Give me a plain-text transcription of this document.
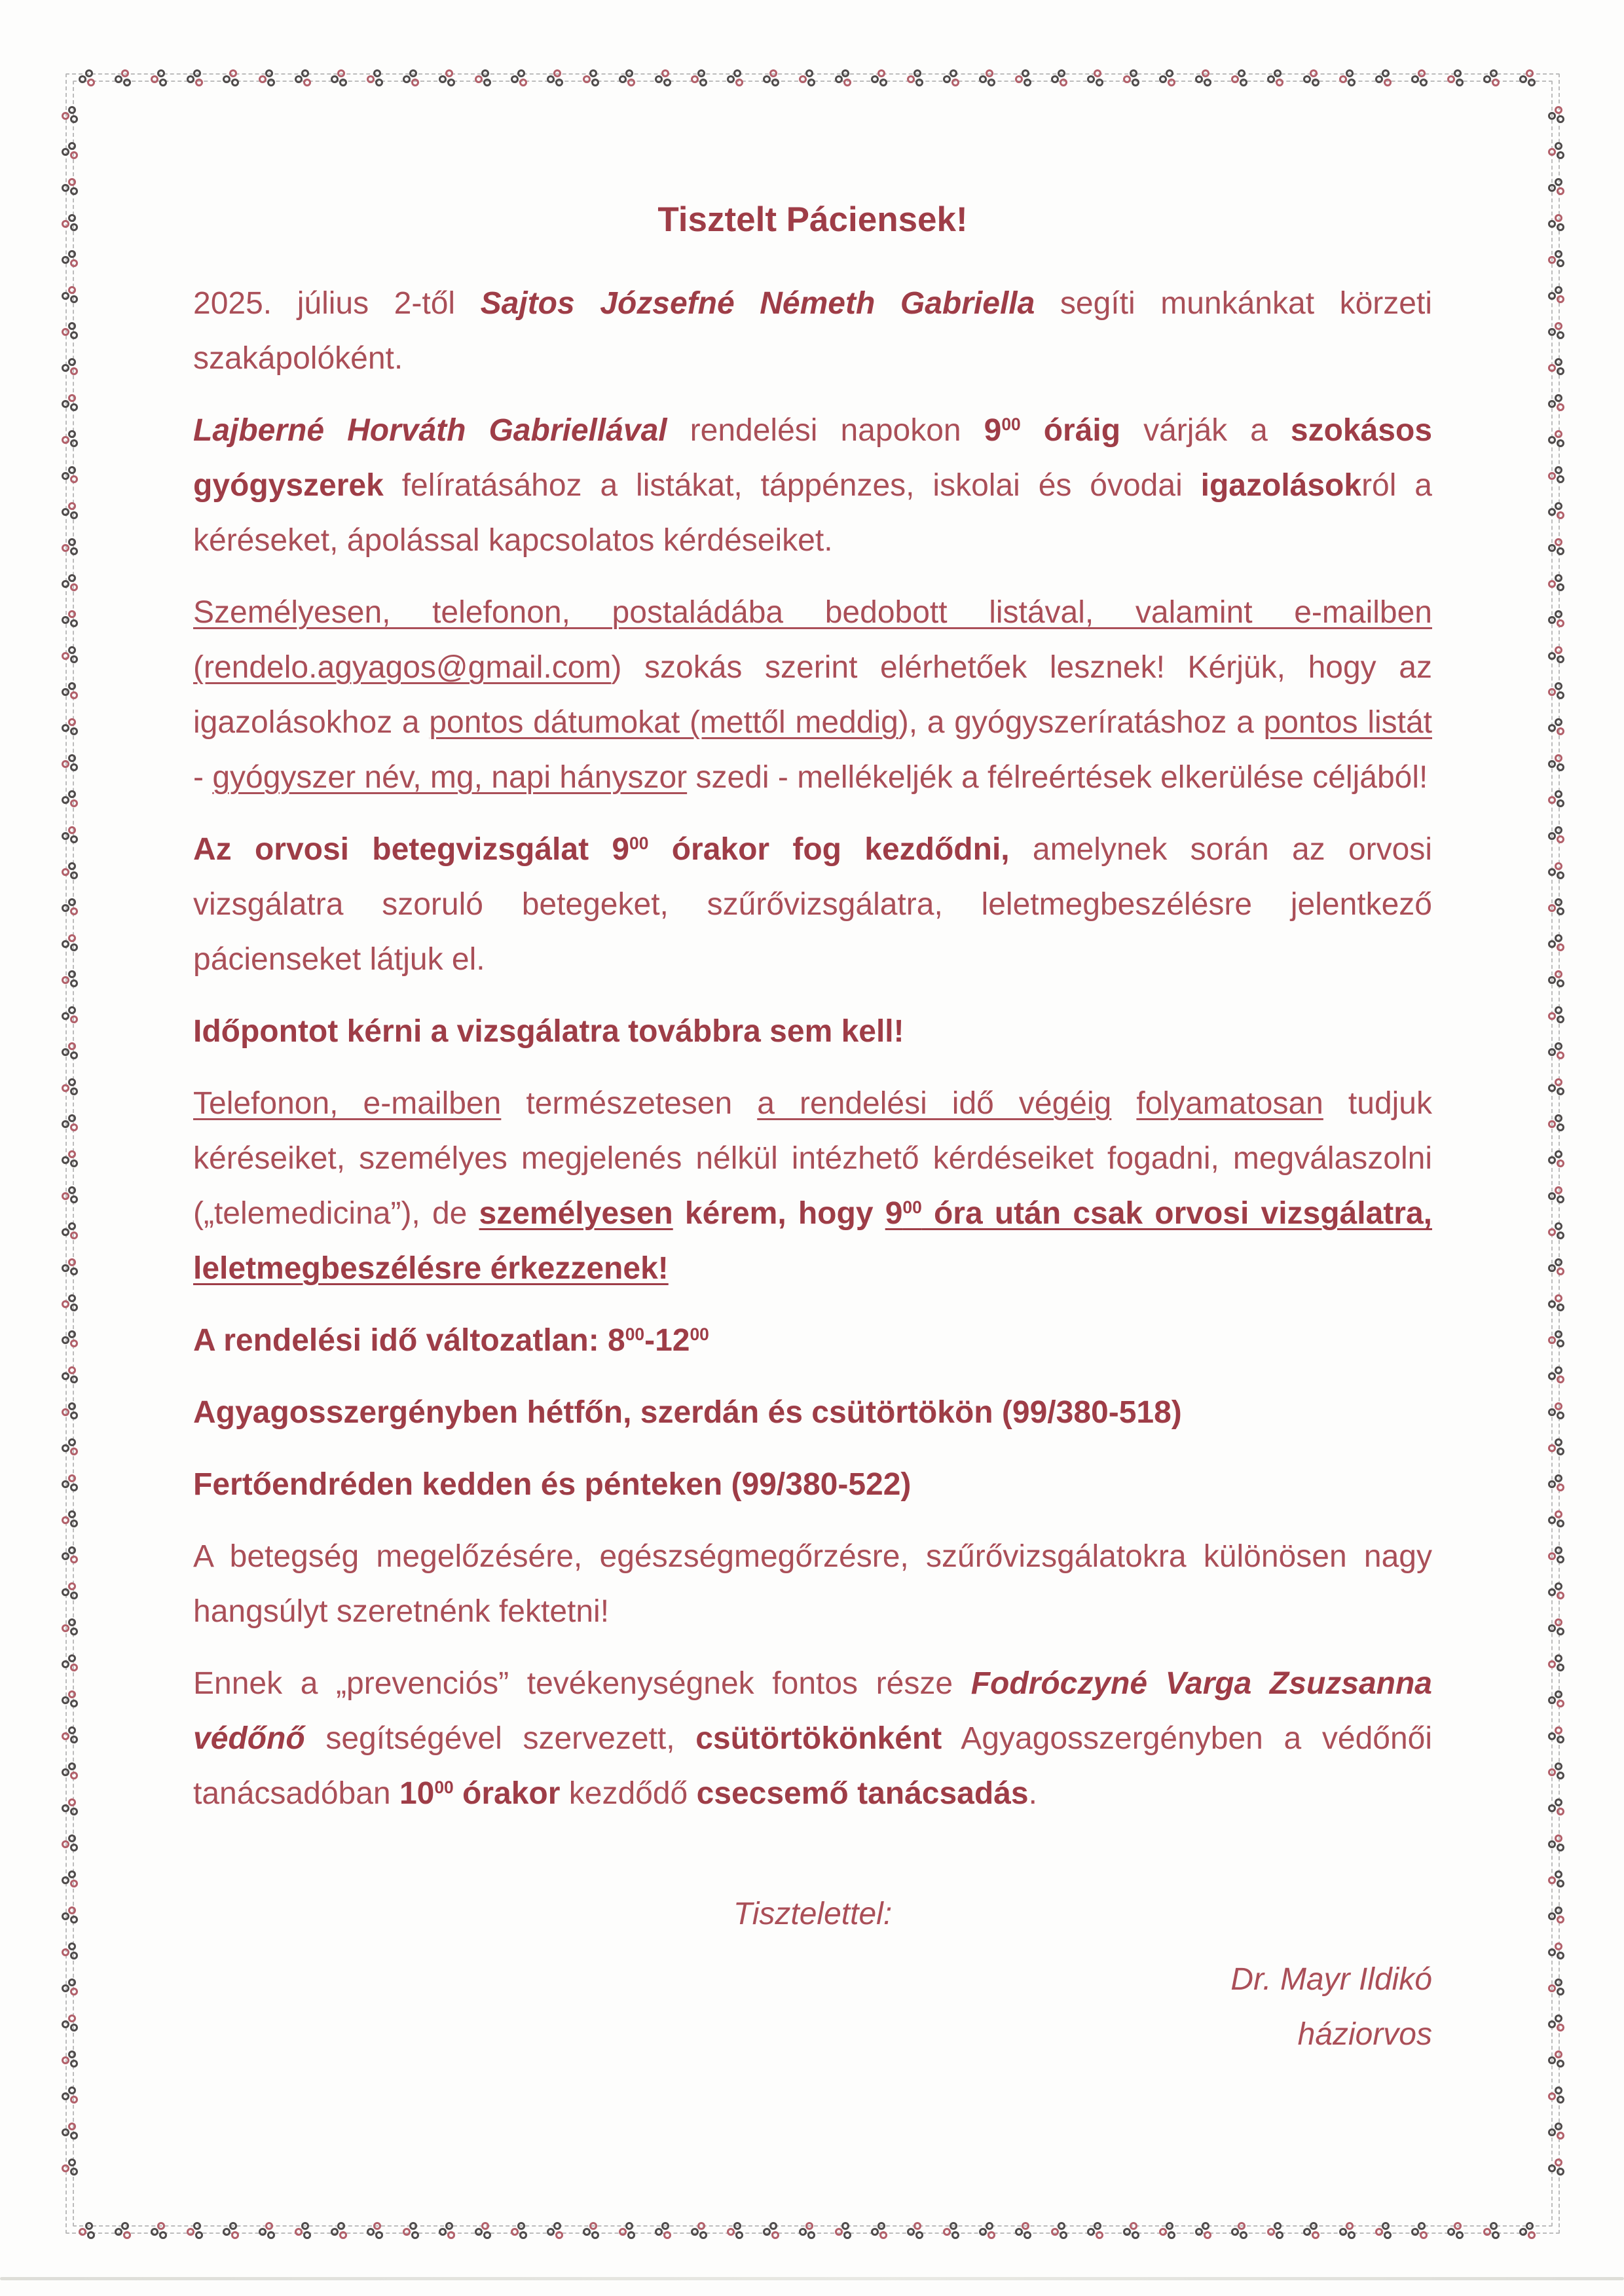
Tisztelt Páciensek!

2025. július 2-től Sajtos Józsefné Németh Gabriella segíti munkánkat körzeti szakápolóként.

Lajberné Horváth Gabriellával rendelési napokon $9^{00}$ óráig várják a szokásos gyógyszerek felíratásához a listákat, táppénzes, iskolai és óvodai igazolásokról a kéréseket, ápolással kapcsolatos kérdéseiket.

Személyesen, telefonon, postaládába bedobott listával, valamint e-mailben (rendelo.agyagos@gmail.com) szokás szerint elérhetőek lesznek! Kérjük, hogy az igazolásokhoz a pontos dátumokat (mettől meddig), a gyógyszeríratáshoz a pontos listát - gyógyszer név, mg, napi hányszor szedi - mellékeljék a félreértések elkerülése céljából!

Az orvosi betegvizsgálat $9^{00}$ órakor fog kezdődni, amelynek során az orvosi vizsgálatra szoruló betegeket, szűrővizsgálatra, leletmegbeszélésre jelentkező pácienseket látjuk el.

Időpontot kérni a vizsgálatra továbbra sem kell!

Telefonon, e-mailben természetesen a rendelési idő végéig folyamatosan tudjuk kéréseiket, személyes megjelenés nélkül intézhető kérdéseiket fogadni, megválaszolni („telemedicina”), de személyesen kérem, hogy $9^{00}$ óra után csak orvosi vizsgálatra, leletmegbeszélésre érkezzenek!

A rendelési idő változatlan: $8^{00}-12^{00}$

Agyagosszergényben hétfőn, szerdán és csütörtökön (99/380-518)

Fertőendréden kedden és pénteken (99/380-522)

A betegség megelőzésére, egészségmegőrzésre, szűrővizsgálatokra különösen nagy hangsúlyt szeretnénk fektetni!

Ennek a „prevenciós” tevékenységnek fontos része Fodróczyné Varga Zsuzsanna védőnő segítségével szervezett, csütörtökönként Agyagosszergényben a védőnői tanácsadóban $10^{00}$ órakor kezdődő csecsemő tanácsadás.

Tisztelettel:
Dr. Mayr Ildikó
háziorvos
